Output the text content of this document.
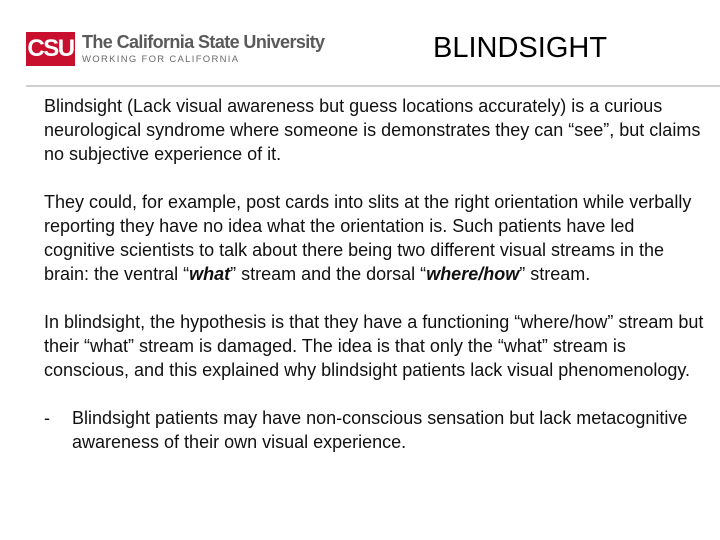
CSU The California State University
WORKING FOR CALIFORNIA	BLINDSIGHT

Blindsight (Lack visual awareness but guess locations accurately) is a curious neurological syndrome where someone is demonstrates they can “see”, but claims no subjective experience of it.

They could, for example, post cards into slits at the right orientation while verbally reporting they have no idea what the orientation is. Such patients have led cognitive scientists to talk about there being two different visual streams in the brain: the ventral “what” stream and the dorsal “where/how” stream.

In blindsight, the hypothesis is that they have a functioning “where/how” stream but their “what” stream is damaged. The idea is that only the “what” stream is conscious, and this explained why blindsight patients lack visual phenomenology.

-	Blindsight patients may have non-conscious sensation but lack metacognitive awareness of their own visual experience.
